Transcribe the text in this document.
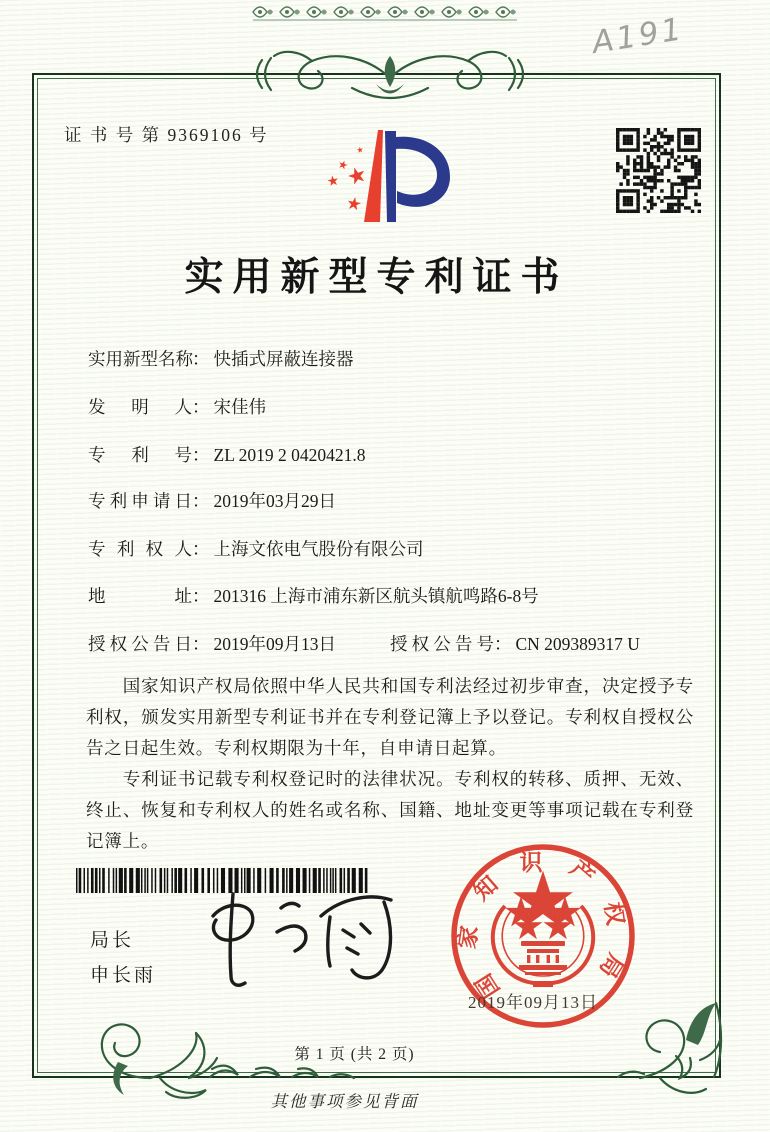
A191
证 书 号 第 9369106 号
实用新型专利证书
实用新型名称： 快插式屏蔽连接器
发明人： 宋佳伟
专利号： ZL 2019 2 0420421.8
专利申请日： 2019年03月29日
专利权人： 上海文依电气股份有限公司
地址： 201316 上海市浦东新区航头镇航鸣路6-8号
授权公告日： 2019年09月13日	授权公告号： CN 209389317 U

国家知识产权局依照中华人民共和国专利法经过初步审查，决定授予专利权，颁发实用新型专利证书并在专利登记簿上予以登记。专利权自授权公告之日起生效。专利权期限为十年，自申请日起算。

专利证书记载专利权登记时的法律状况。专利权的转移、质押、无效、终止、恢复和专利权人的姓名或名称、国籍、地址变更等事项记载在专利登记簿上。

局长
申长雨	国家知识产权局
2019年09月13日
第 1 页 (共 2 页)
其他事项参见背面
